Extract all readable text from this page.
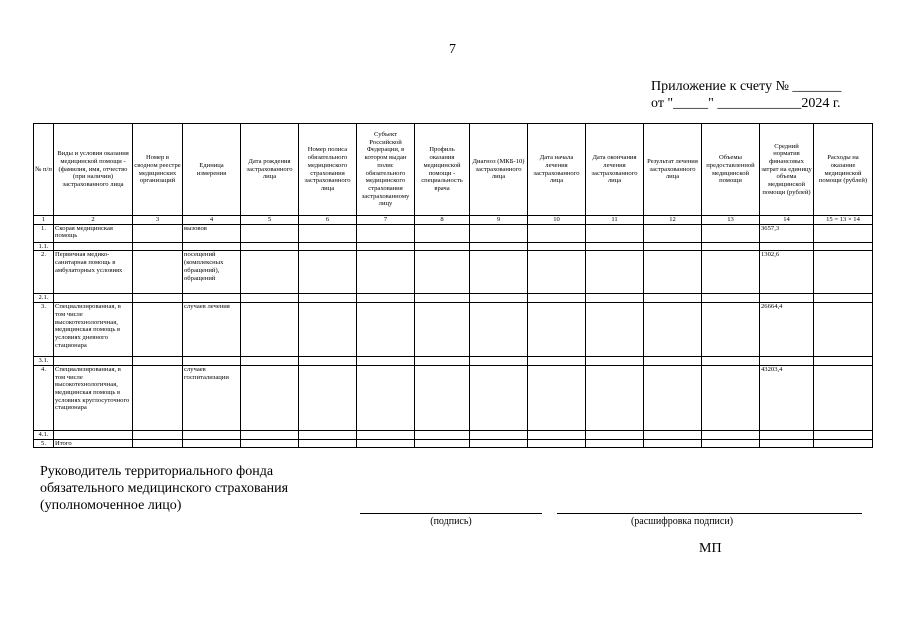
7
Приложение к счету № _______
от "_____" ____________2024 г.
№ п/п	Виды и условия оказания медицинской помощи - (фамилия, имя, отчество (при наличии) застрахованного лица	Номер в сводном реестре медицинских организаций	Единица измерения	Дата рождения застрахованного лица	Номер полиса обязательного медицинского страхования застрахованного лица	Субъект Российской Федерации, в котором выдан полис обязательного медицинского страхования застрахованному лицу	Профиль оказания медицинской помощи - специальность врача	Диагноз (МКБ-10) застрахованного лица	Дата начала лечения застрахованного лица	Дата окончания лечения застрахованного лица	Результат лечения застрахованного лица	Объемы предоставленной медицинской помощи	Средний норматив финансовых затрат на единицу объема медицинской помощи (рублей)	Расходы на оказание медицинской помощи (рублей)
1	2	3	4	5	6	7	8	9	10	11	12	13	14	15 = 13 × 14
1.	Скорая медицинская помощь		вызовов										3657,3	
1.1.														
2.	Первичная медико-санитарная помощь в амбулаторных условиях		посещений (комплексных обращений), обращений										1302,6	
2.1.														
3.	Специализированная, в том числе высокотехнологичная, медицинская помощь в условиях дневного стационара		случаев лечения										26664,4	
3.1.														
4.	Специализированная, в том числе высокотехнологичная, медицинская помощь в условиях круглосуточного стационара		случаев госпитализации										43203,4	
4.1.														
5.	Итого													
Руководитель территориального фонда
обязательного медицинского страхования
(уполномоченное лицо)
(подпись)	(расшифровка подписи)
МП
